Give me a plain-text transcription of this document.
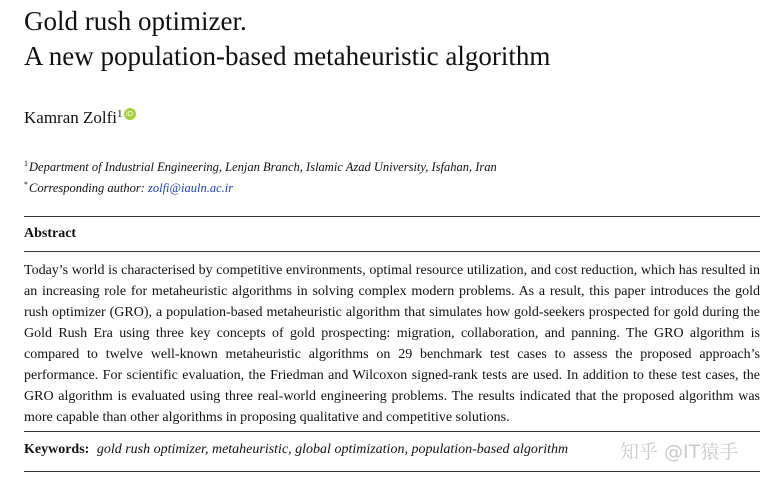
Gold rush optimizer.
A new population-based metaheuristic algorithm
Kamran Zolfi$^1$ iD
$^1$Department of Industrial Engineering, Lenjan Branch, Islamic Azad University, Isfahan, Iran
*Corresponding author: zolfi@iauln.ac.ir
Abstract
Today’s world is characterised by competitive environments, optimal resource utilization, and cost reduction, which has resulted in an increasing role for metaheuristic algorithms in solving complex modern problems. As a result, this paper introduces the gold rush optimizer (GRO), a population-based metaheuristic algorithm that simulates how gold-seekers prospected for gold during the Gold Rush Era using three key concepts of gold prospecting: migration, collaboration, and panning. The GRO algorithm is compared to twelve well-known metaheuristic algorithms on 29 benchmark test cases to assess the proposed approach’s performance. For scientific evaluation, the Friedman and Wilcoxon signed-rank tests are used. In addition to these test cases, the GRO algorithm is evaluated using three real-world engineering problems. The results indicated that the proposed algorithm was more capable than other algorithms in proposing qualitative and competitive solutions.
Keywords: gold rush optimizer, metaheuristic, global optimization, population-based algorithm	知乎 @IT猿手
